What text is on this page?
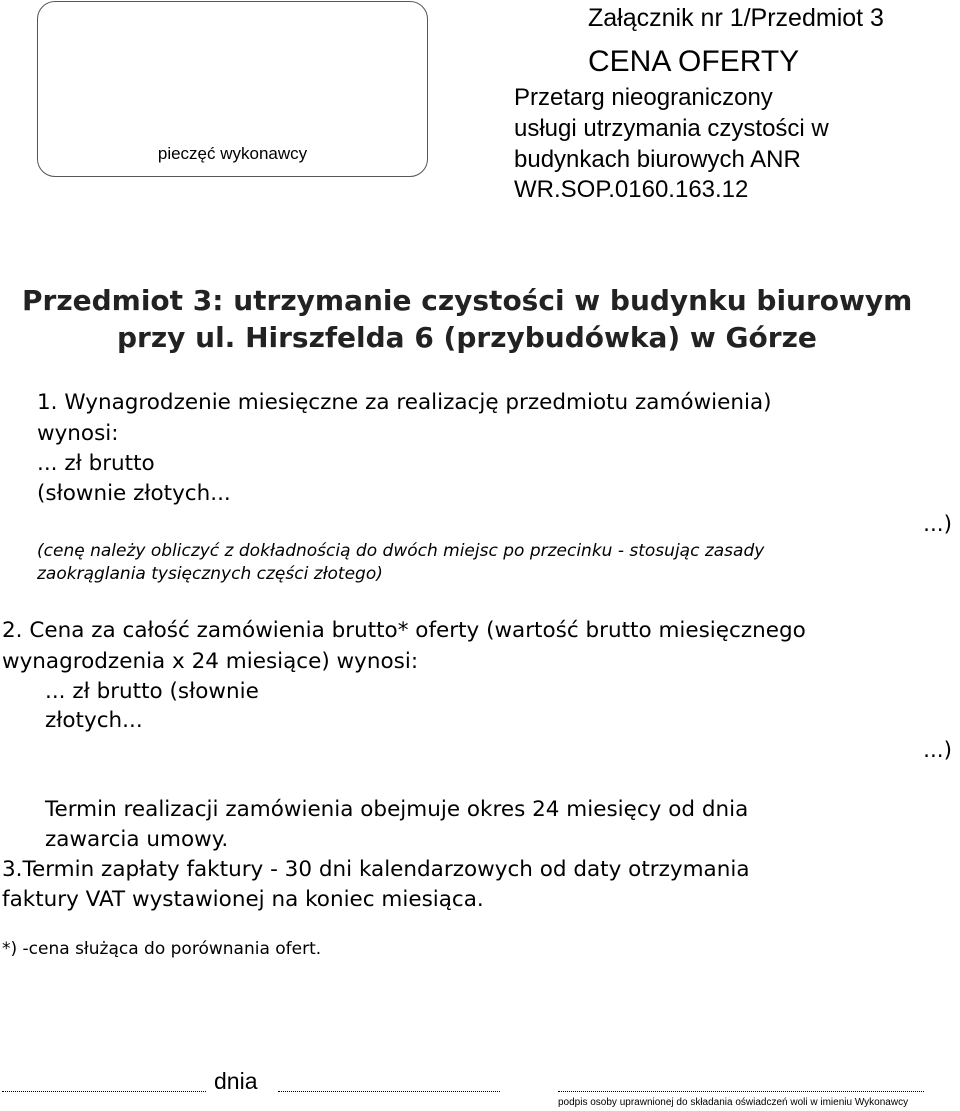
pieczęć wykonawcy
Załącznik nr 1/Przedmiot 3
CENA OFERTY
Przetarg nieograniczony
usługi utrzymania czystości w
budynkach biurowych ANR
WR.SOP.0160.163.12
Przedmiot 3: utrzymanie czystości w budynku biurowym
przy ul. Hirszfelda 6 (przybudówka) w Górze
1. Wynagrodzenie miesięczne za realizację przedmiotu zamówienia)
wynosi:
... zł brutto
(słownie złotych...
...)
(cenę należy obliczyć z dokładnością do dwóch miejsc po przecinku - stosując zasady
zaokrąglania tysięcznych części złotego)
2. Cena za całość zamówienia brutto* oferty (wartość brutto miesięcznego
wynagrodzenia x 24 miesiące) wynosi:
... zł brutto (słownie
złotych...
...)
Termin realizacji zamówienia obejmuje okres 24 miesięcy od dnia
zawarcia umowy.
3.Termin zapłaty faktury - 30 dni kalendarzowych od daty otrzymania
faktury VAT wystawionej na koniec miesiąca.
*) -cena służąca do porównania ofert.
dnia
podpis osoby uprawnionej do składania oświadczeń woli w imieniu Wykonawcy
